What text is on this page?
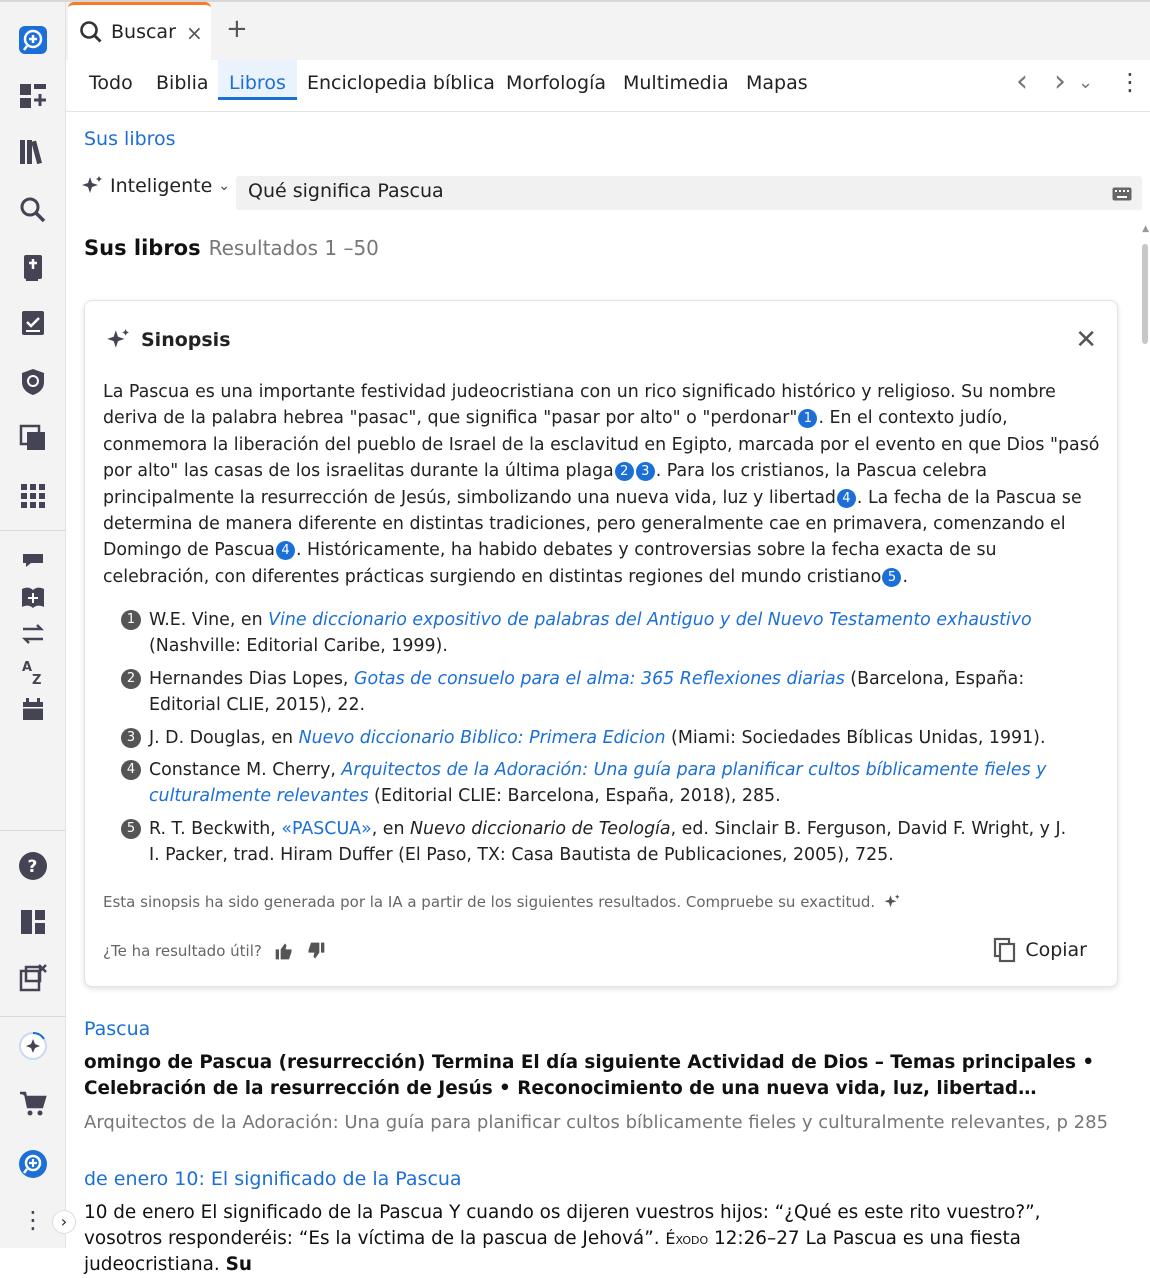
A
Z
?
⋮ ›
Buscar × +
Todo Biblia	Libros	Enciclopedia bíblica Morfología Multimedia Mapas	‹ › ⌄ ⋮
Sus libros
Inteligente ⌄
Qué significa Pascua
Sus libros Resultados 1 –50
▲
Sinopsis	✕
La Pascua es una importante festividad judeocristiana con un rico significado histórico y religioso. Su nombre deriva de la palabra hebrea "pasac", que significa "pasar por alto" o "perdonar" 1 . En el contexto judío, conmemora la liberación del pueblo de Israel de la esclavitud en Egipto, marcada por el evento en que Dios "pasó por alto" las casas de los israelitas durante la última plaga 2 3 . Para los cristianos, la Pascua celebra principalmente la resurrección de Jesús, simbolizando una nueva vida, luz y libertad 4 . La fecha de la Pascua se determina de manera diferente en distintas tradiciones, pero generalmente cae en primavera, comenzando el Domingo de Pascua 4 . Históricamente, ha habido debates y controversias sobre la fecha exacta de su celebración, con diferentes prácticas surgiendo en distintas regiones del mundo cristiano 5 .
1 W.E. Vine, en Vine diccionario expositivo de palabras del Antiguo y del Nuevo Testamento exhaustivo (Nashville: Editorial Caribe, 1999).
2 Hernandes Dias Lopes, Gotas de consuelo para el alma: 365 Reflexiones diarias (Barcelona, España: Editorial CLIE, 2015), 22.
3 J. D. Douglas, en Nuevo diccionario Biblico: Primera Edicion (Miami: Sociedades Bíblicas Unidas, 1991).
4 Constance M. Cherry, Arquitectos de la Adoración: Una guía para planificar cultos bíblicamente fieles y culturalmente relevantes (Editorial CLIE: Barcelona, España, 2018), 285.
5 R. T. Beckwith, «PASCUA», en Nuevo diccionario de Teología, ed. Sinclair B. Ferguson, David F. Wright, y J. I. Packer, trad. Hiram Duffer (El Paso, TX: Casa Bautista de Publicaciones, 2005), 725.
Esta sinopsis ha sido generada por la IA a partir de los siguientes resultados. Compruebe su exactitud.
¿Te ha resultado útil?	Copiar
Pascua
omingo de Pascua (resurrección) Termina El día siguiente Actividad de Dios – Temas principales • Celebración de la resurrección de Jesús • Reconocimiento de una nueva vida, luz, libertad…
Arquitectos de la Adoración: Una guía para planificar cultos bíblicamente fieles y culturalmente relevantes, p 285
de enero 10: El significado de la Pascua
10 de enero El significado de la Pascua Y cuando os dijeren vuestros hijos: “¿Qué es este rito vuestro?”, vosotros responderéis: “Es la víctima de la pascua de Jehová”. Éxodo 12:26–27 La Pascua es una fiesta judeocristiana. Su
